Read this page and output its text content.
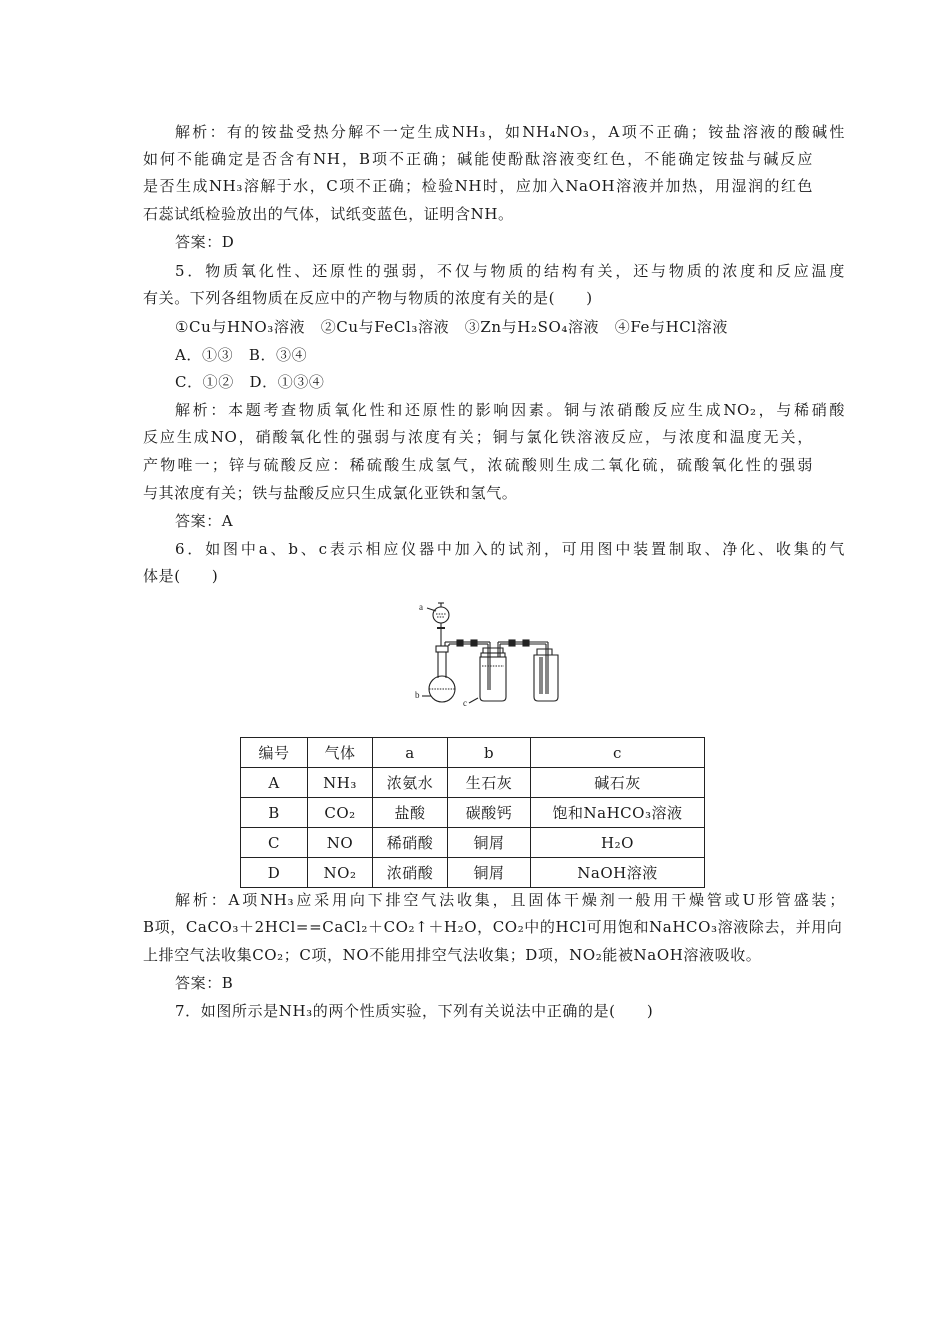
解析：有的铵盐受热分解不一定生成NH₃，如NH₄NO₃，A项不正确；铵盐溶液的酸碱性
如何不能确定是否含有NH，B项不正确；碱能使酚酞溶液变红色，不能确定铵盐与碱反应
是否生成NH₃溶解于水，C项不正确；检验NH时，应加入NaOH溶液并加热，用湿润的红色
石蕊试纸检验放出的气体，试纸变蓝色，证明含NH。
答案：D
5．物质氧化性、还原性的强弱，不仅与物质的结构有关，还与物质的浓度和反应温度
有关。下列各组物质在反应中的产物与物质的浓度有关的是(　　)
①Cu与HNO₃溶液　②Cu与FeCl₃溶液　③Zn与H₂SO₄溶液　④Fe与HCl溶液
A．①③　B．③④
C．①②　D．①③④
解析：本题考查物质氧化性和还原性的影响因素。铜与浓硝酸反应生成NO₂，与稀硝酸
反应生成NO，硝酸氧化性的强弱与浓度有关；铜与氯化铁溶液反应，与浓度和温度无关，
产物唯一；锌与硫酸反应：稀硫酸生成氢气，浓硫酸则生成二氧化硫，硫酸氧化性的强弱
与其浓度有关；铁与盐酸反应只生成氯化亚铁和氢气。
答案：A
6．如图中a、b、c表示相应仪器中加入的试剂，可用图中装置制取、净化、收集的气
体是(　　)
a
b
c
编号	气体	a	b	c
A	NH₃	浓氨水	生石灰	碱石灰
B	CO₂	盐酸	碳酸钙	饱和NaHCO₃溶液
C	NO	稀硝酸	铜屑	H₂O
D	NO₂	浓硝酸	铜屑	NaOH溶液
解析：A项NH₃应采用向下排空气法收集，且固体干燥剂一般用干燥管或U形管盛装；
B项，CaCO₃＋2HCl==CaCl₂＋CO₂↑＋H₂O，CO₂中的HCl可用饱和NaHCO₃溶液除去，并用向
上排空气法收集CO₂；C项，NO不能用排空气法收集；D项，NO₂能被NaOH溶液吸收。
答案：B
7．如图所示是NH₃的两个性质实验，下列有关说法中正确的是(　　)
